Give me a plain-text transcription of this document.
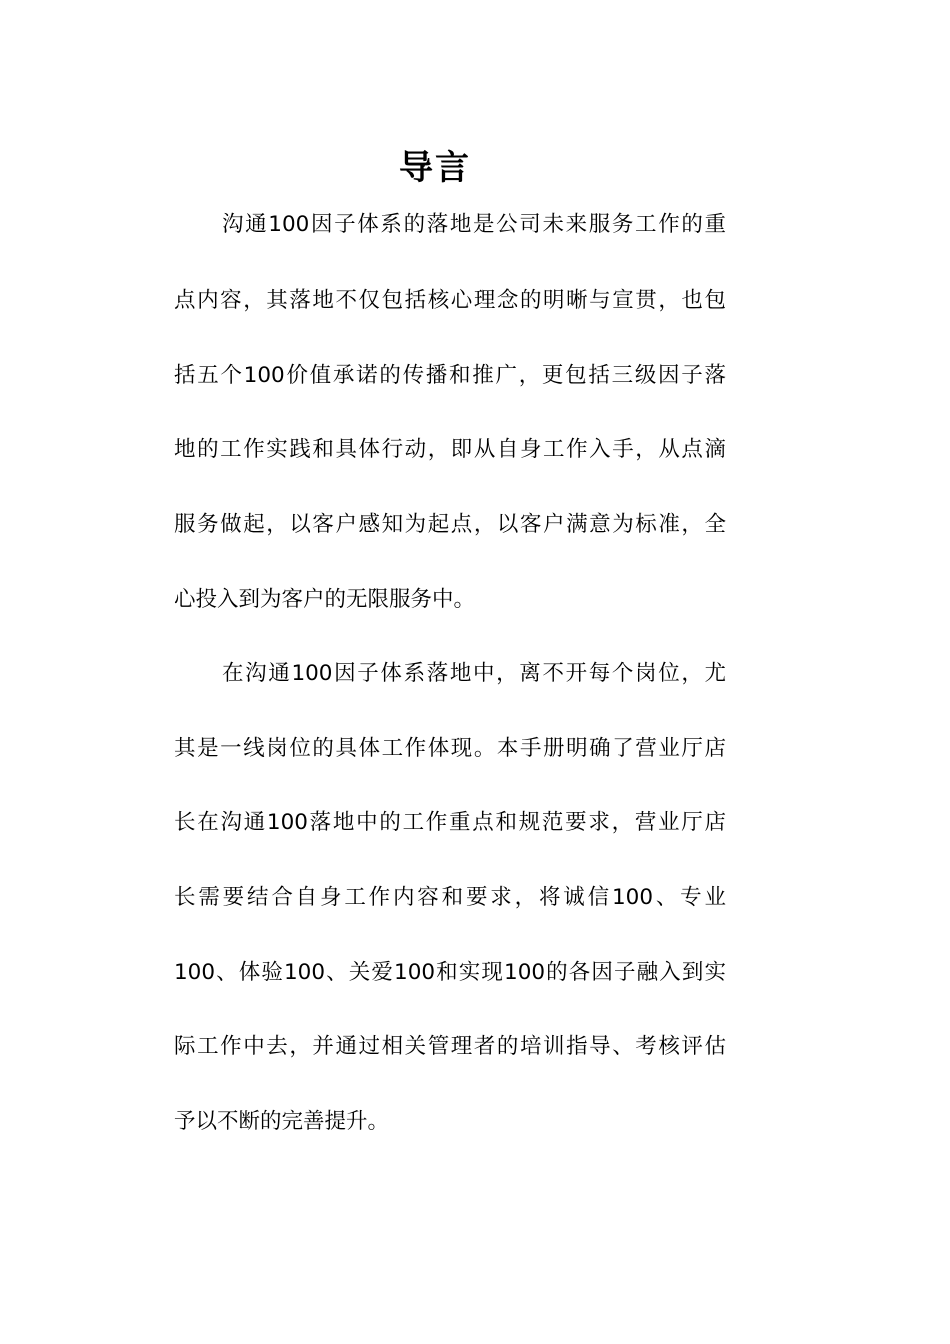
导言
沟通100因子体系的落地是公司未来服务工作的重
点内容，其落地不仅包括核心理念的明晰与宣贯，也包
括五个100价值承诺的传播和推广，更包括三级因子落
地的工作实践和具体行动，即从自身工作入手，从点滴
服务做起，以客户感知为起点，以客户满意为标准，全
心投入到为客户的无限服务中。
在沟通100因子体系落地中，离不开每个岗位，尤
其是一线岗位的具体工作体现。本手册明确了营业厅店
长在沟通100落地中的工作重点和规范要求，营业厅店
长需要结合自身工作内容和要求，将诚信100、专业
100、体验100、关爱100和实现100的各因子融入到实
际工作中去，并通过相关管理者的培训指导、考核评估
予以不断的完善提升。
